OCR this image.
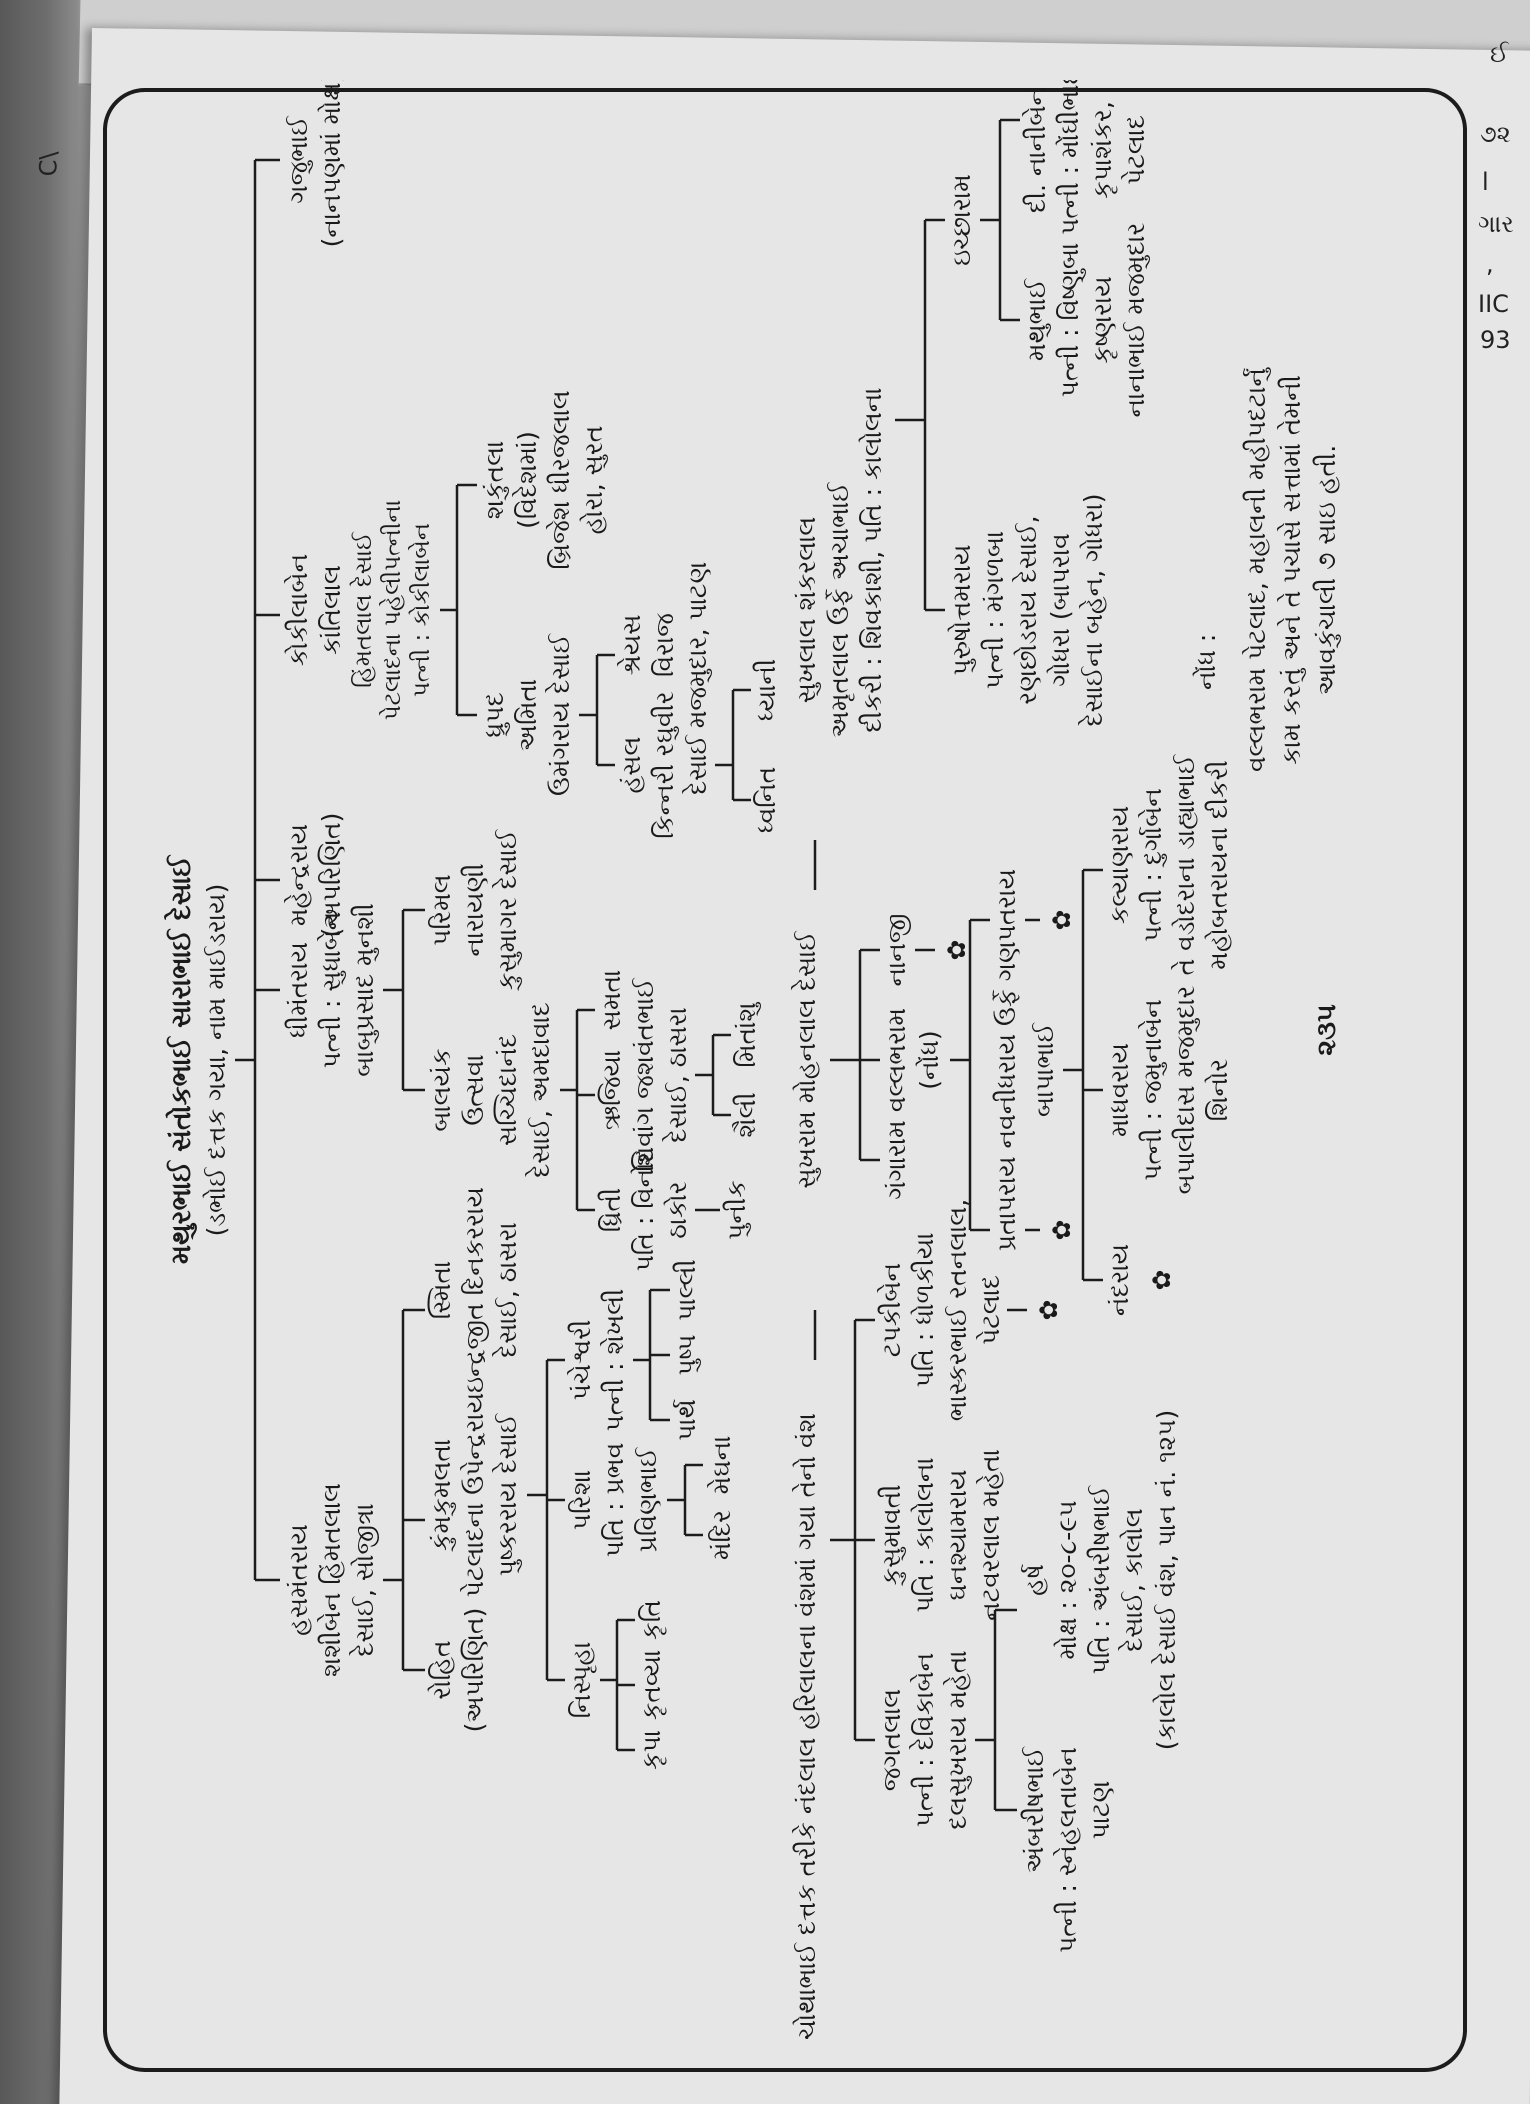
C\
ઈ
૭૨
l
ગાર
,
IIC
93
મથુરભાઈ સંતોકભાઈ સારાભાઈ દેસાઈ (ડભોઈ દત્તક ગયા, નામ માઈડરાય)
હસમંતરાય શશીબેન હિંમતલાલ દેસાઈ, સોજીત્રા
ધીમંતરાય પત્ની : સુધાબેન બાબુપ્રસાદ મુનશી
મહેન્દ્રરાય (અપરિણિત)
કોકીલાબેન કાંતિલાલ હિંમતલાલ દેસાઈ પેટલાદના પહેલીપત્નીના પત્ની : કોકીલાબેન
ગજુભાઈ (નાનપણમાં મોક્ષ)
રોહિત (અપરિણિત)
કુંમકુમલતા પેટલાદના ઉપેન્દ્રરાય પુષ્કરરાય દેસાઈ
સ્મિતા ઇન્દ્રજીત દિનકરરાય દેસાઈ, ઠાસરા
બાલયંક ઉત્સવા સચ્ચિદાનંદ દેસાઈ, અમદાવાદ
પરિમલ નારાયણી કુસુમાગર દેસાઈ
ધ્રુપદ અમિતા ઉમંગરાય દેસાઈ
શકુંતલા (વિદેશમાં) બ્રિજેશ ધીરજલાલ હોરા, સુરત
નિસ્પૃહા
પરિશા પતિ : પ્રભવ પ્રવિણભાઈ
પંચેશ્વરી પત્ની : શેખલી
કૃપા
કૃતવ્યા
કૃતિ
પાર્થ
પુષ્પ
પાલ્લી
મંદિર
મેઘના
ધ્રિતી પતિ : વિનોદ ઠાકોર
ઋજિયા શિવાંગ જશવંતભાઈ દેસાઈ, ઠાસરા
સમતા
પુનીક
શૈલી
મિતાંશુ
હંસલ કિન્નરી રઘુવીર દેસાઈ
શ્રેયસ વિરાજ મજમુદાર, પાટણ
ધ્વનિત
ધ્યાની
ચોથાભાઈ દત્તક તરીકે નંદલાલ હરિલાલના વંશમાં ગયા તેનો વંશ
સુખરામ મોહનલાલ દેસાઈ
સુખલાલ શંકરલાલ અમૃતલાલ ઉર્ફે અચાભાઈ દીકરી : શિવકાશી, પતિ : કાલોલના
જગતલાલ પત્ની : દેવિકાબેન દલસુખરાય મહેતા
કુસુમાવતી પતિ : કાલોલના ઘનશ્યામરાય નટવરલાલ મહેતા
ટપકીબેન પતિ : ધોળકીયા ભાસ્કરભાઈ રતનલાલ, પેટલાદ ✿
અંબરીષભાઈ પત્ની : સ્નેહલતાબેન પાટણ
હર્ષ મોક્ષ : ૨૦-૮-૯૫ પતિ : અંબરીષભાઈ દેસાઈ, કાલોલ (કાલોલ દેસાઈ વંશ, પાન નં. ૧૨૫)
ગંગારામ
વલ્લભરામ (નોંધ)
નાનજી ✿ પ્રતાપરાય નવનીધરાય ઉર્ફે ગણપતરાય ✿
બાપાભાઈ
✿
નંદરાય ✿
માધવરાય પત્ની : જમુનાબેન બપાલીદાસ મજમુદાર શિનોર
કલ્યાણરાય પત્ની : દુર્ગાબેન તે વડોદરાના ડાહ્યાભાઈ મહોબતરાયના દીકરી
પુરુષોત્તમરાય પત્ની : મંગળબા રણછોડરાય દેસાઈ, ગોધરા (બાપરાવ દેસાઈના બહેન, ગોધરા)
ઇચ્છારામ
મથુભાઈ પત્ની : વિષ્ણુબા કૃષ્ણરાય નાનાભાઈ મજમુદાર
દી. નાનીબેન પત્ની : મોંઘીભાઈ કૃપાશંકર, પેટલાદ
નોંધ : વલ્લભરામ પેટલાદ, મહાલની મહીપદટાર્નું કામ કરતું અને તે પચાસે સત્તામાં તેમની આવકુંચાલી ૭ સાઇ હતી.
૨૩૫
